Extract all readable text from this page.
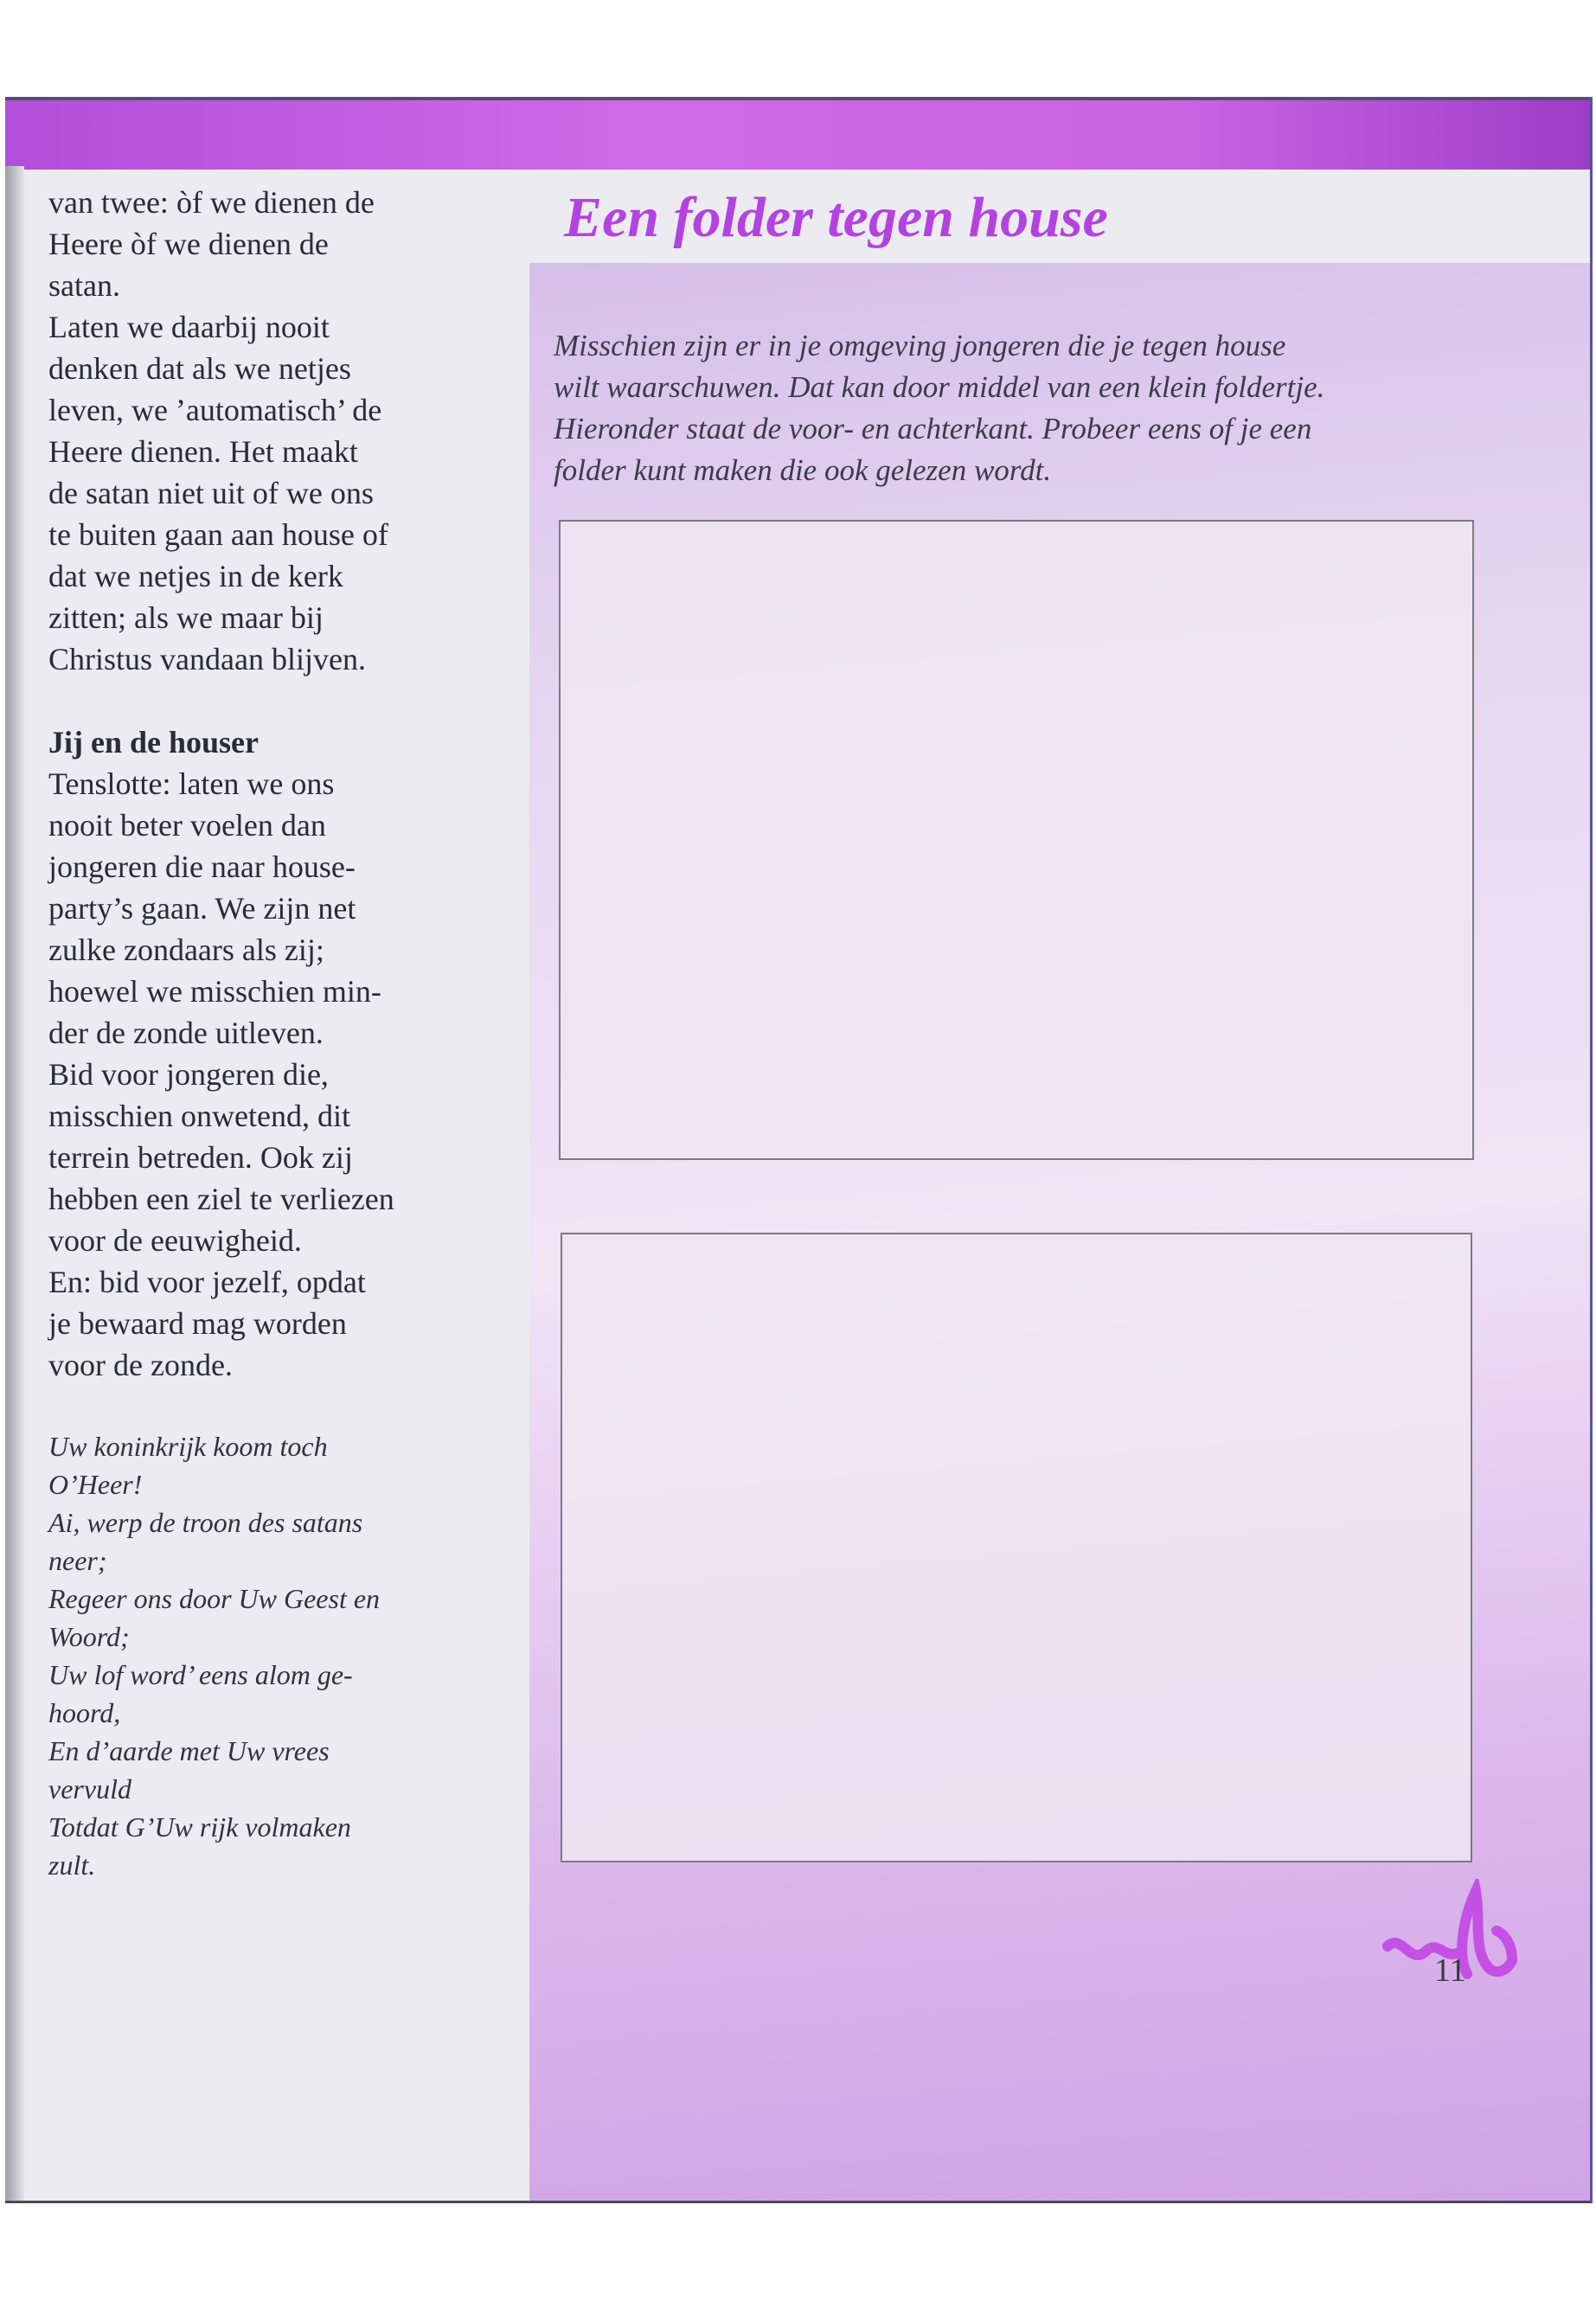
van twee: òf we dienen de

Heere òf we dienen de

satan.

Laten we daarbij nooit

denken dat als we netjes

leven, we ’automatisch’ de

Heere dienen. Het maakt

de satan niet uit of we ons

te buiten gaan aan house of

dat we netjes in de kerk

zitten; als we maar bij

Christus vandaan blijven.

Jij en de houser

Tenslotte: laten we ons

nooit beter voelen dan

jongeren die naar house-

party’s gaan. We zijn net

zulke zondaars als zij;

hoewel we misschien min-

der de zonde uitleven.

Bid voor jongeren die,

misschien onwetend, dit

terrein betreden. Ook zij

hebben een ziel te verliezen

voor de eeuwigheid.

En: bid voor jezelf, opdat

je bewaard mag worden

voor de zonde.

Uw koninkrijk koom toch

O’Heer!

Ai, werp de troon des satans

neer;

Regeer ons door Uw Geest en

Woord;

Uw lof word’ eens alom ge-

hoord,

En d’aarde met Uw vrees

vervuld

Totdat G’Uw rijk volmaken

zult.

Een folder tegen house

Misschien zijn er in je omgeving jongeren die je tegen house

wilt waarschuwen. Dat kan door middel van een klein foldertje.

Hieronder staat de voor- en achterkant. Probeer eens of je een

folder kunt maken die ook gelezen wordt.

11
